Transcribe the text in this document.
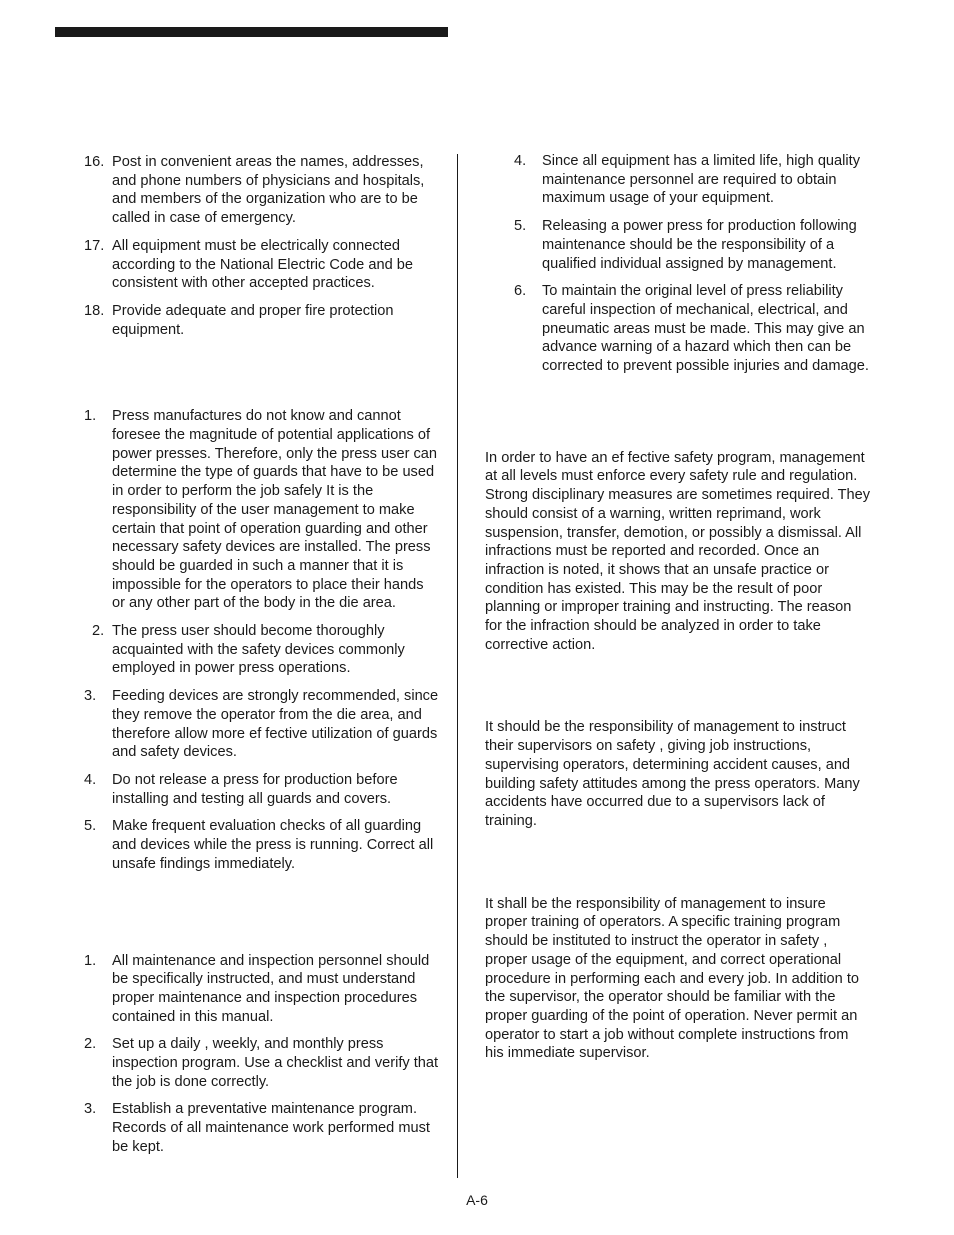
16. Post in convenient areas the names, addresses, and phone numbers of physicians and hospitals, and members of the organization who are to be called in case of emergency.
17. All equipment must be electrically connected according to the National Electric Code and be consistent with other accepted practices.
18. Provide adequate and proper fire protection equipment.
1. Press manufactures do not know and cannot foresee the magnitude of potential applications of power presses. Therefore, only the press user can determine the type of guards that have to be used in order to perform the job safely It is the responsibility of the user management to make certain that point of operation guarding and other necessary safety devices are installed. The press should be guarded in such a manner that it is impossible for the operators to place their hands or any other part of the body in the die area.
2. The press user should become thoroughly acquainted with the safety devices commonly employed in power press operations.
3. Feeding devices are strongly recommended, since they remove the operator from the die area, and therefore allow more ef fective utilization of guards and safety devices.
4. Do not release a press for production before installing and testing all guards and covers.
5. Make frequent evaluation checks of all guarding and devices while the press is running. Correct all unsafe findings immediately.
1. All maintenance and inspection personnel should be specifically instructed, and must understand proper maintenance and inspection procedures contained in this manual.
2. Set up a daily , weekly, and monthly press inspection program. Use a checklist and verify that the job is done correctly.
3. Establish a preventative maintenance program. Records of all maintenance work performed must be kept.
4. Since all equipment has a limited life, high quality maintenance personnel are required to obtain maximum usage of your equipment.
5. Releasing a power press for production following maintenance should be the responsibility of a qualified individual assigned by management.
6. To maintain the original level of press reliability careful inspection of mechanical, electrical, and pneumatic areas must be made. This may give an advance warning of a hazard which then can be corrected to prevent possible injuries and damage.

In order to have an ef fective safety program, management at all levels must enforce every safety rule and regulation. Strong disciplinary measures are sometimes required. They should consist of a warning, written reprimand, work suspension, transfer, demotion, or possibly a dismissal. All infractions must be reported and recorded. Once an infraction is noted, it shows that an unsafe practice or condition has existed. This may be the result of poor planning or improper training and instructing. The reason for the infraction should be analyzed in order to take corrective action.

It should be the responsibility of management to instruct their supervisors on safety , giving job instructions, supervising operators, determining accident causes, and building safety attitudes among the press operators. Many accidents have occurred due to a supervisors lack of training.

It shall be the responsibility of management to insure proper training of operators. A specific training program should be instituted to instruct the operator in safety , proper usage of the equipment, and correct operational procedure in performing each and every job. In addition to the supervisor, the operator should be familiar with the proper guarding of the point of operation. Never permit an operator to start a job without complete instructions from his immediate supervisor.

A-6
